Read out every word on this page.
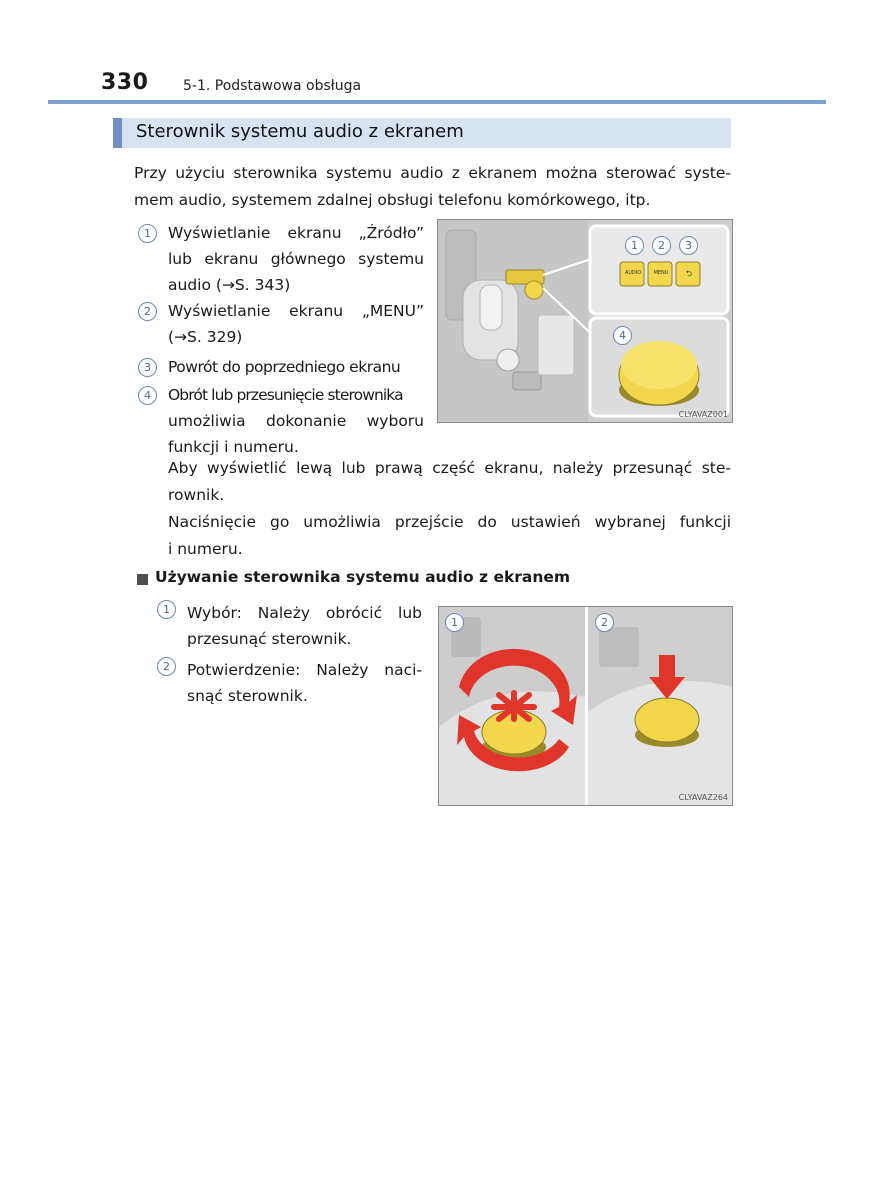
330 5-1. Podstawowa obsługa
Sterownik systemu audio z ekranem
Przy użyciu sterownika systemu audio z ekranem można sterować syste-
mem audio, systemem zdalnej obsługi telefonu komórkowego, itp.
1	Wyświetlanie ekranu „Źródło”
lub ekranu głównego systemu
audio (→S. 343)
2	Wyświetlanie ekranu „MENU”
(→S. 329)
3	Powrót do poprzedniego ekranu
4	Obrót lub przesunięcie sterownika
umożliwia dokonanie wyboru
funkcji i numeru.
1	2	3
4
AUDIO	MENU	⮌
CLYAVAZ001
Aby wyświetlić lewą lub prawą część ekranu, należy przesunąć ste-
rownik.
Naciśnięcie go umożliwia przejście do ustawień wybranej funkcji
i numeru.
Używanie sterownika systemu audio z ekranem
1	Wybór: Należy obrócić lub
przesunąć sterownik.
2	Potwierdzenie: Należy naci-
snąć sterownik.
1	2
CLYAVAZ264
